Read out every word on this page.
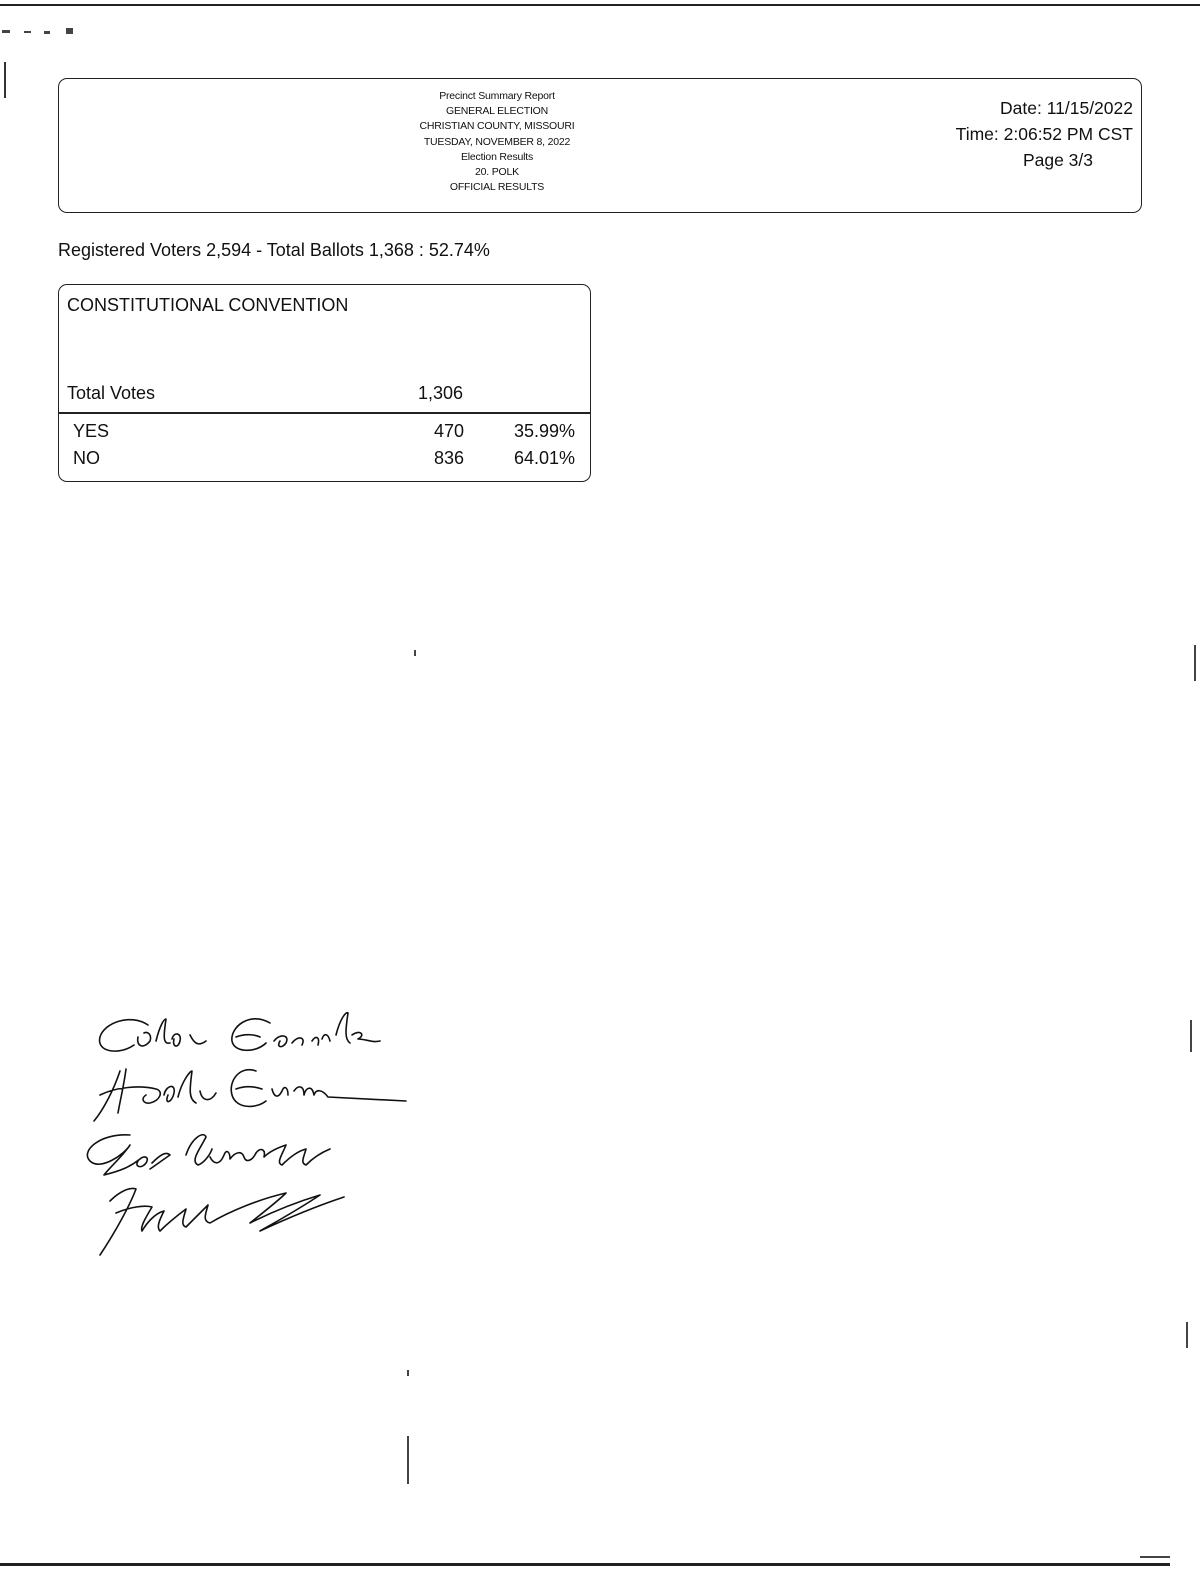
Precinct Summary Report
GENERAL ELECTION
CHRISTIAN COUNTY, MISSOURI
TUESDAY, NOVEMBER 8, 2022
Election Results
20. POLK
OFFICIAL RESULTS
Date: 11/15/2022
Time: 2:06:52 PM CST
Page 3/3
Registered Voters 2,594 - Total Ballots 1,368 : 52.74%
CONSTITUTIONAL CONVENTION
Total Votes	1,306
YES	470	35.99%
NO	836	64.01%
